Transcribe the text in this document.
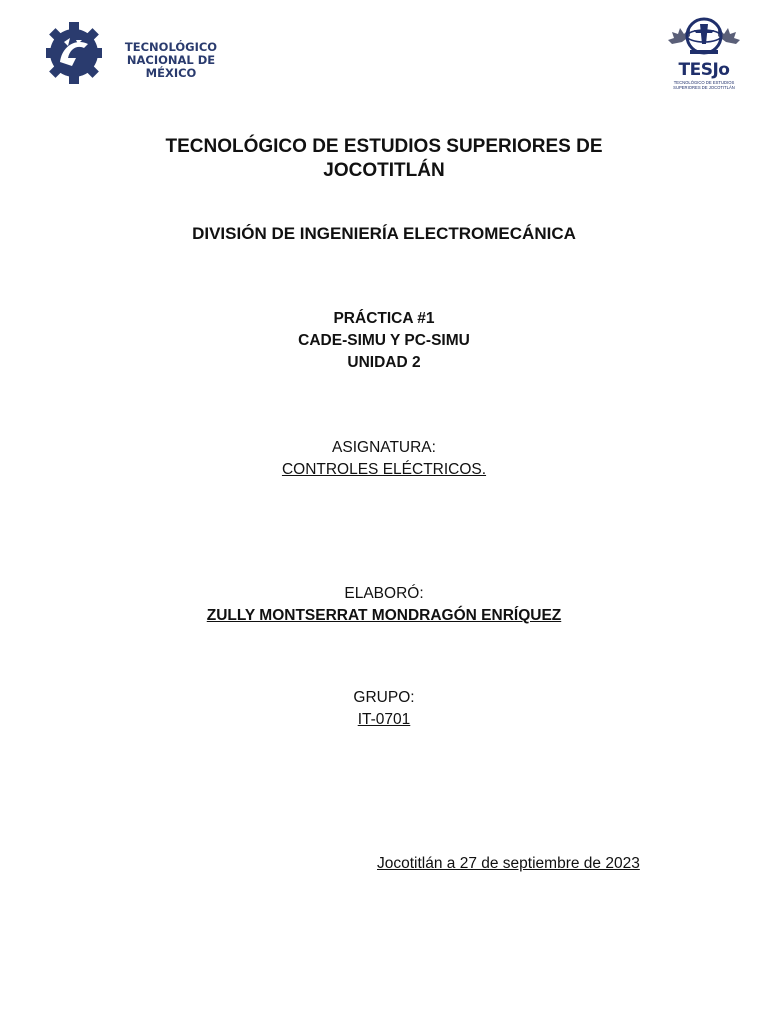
TECNOLÓGICO NACIONAL DE MÉXICO	TESJo
TECNOLÓGICO DE ESTUDIOS SUPERIORES DE JOCOTITLÁN
TECNOLÓGICO DE ESTUDIOS SUPERIORES DE JOCOTITLÁN
DIVISIÓN DE INGENIERÍA ELECTROMECÁNICA
PRÁCTICA #1
CADE-SIMU Y PC-SIMU
UNIDAD 2
ASIGNATURA:
CONTROLES ELÉCTRICOS.
ELABORÓ:
ZULLY MONTSERRAT MONDRAGÓN ENRÍQUEZ
GRUPO:
IT-0701
Jocotitlán a 27 de septiembre de 2023
